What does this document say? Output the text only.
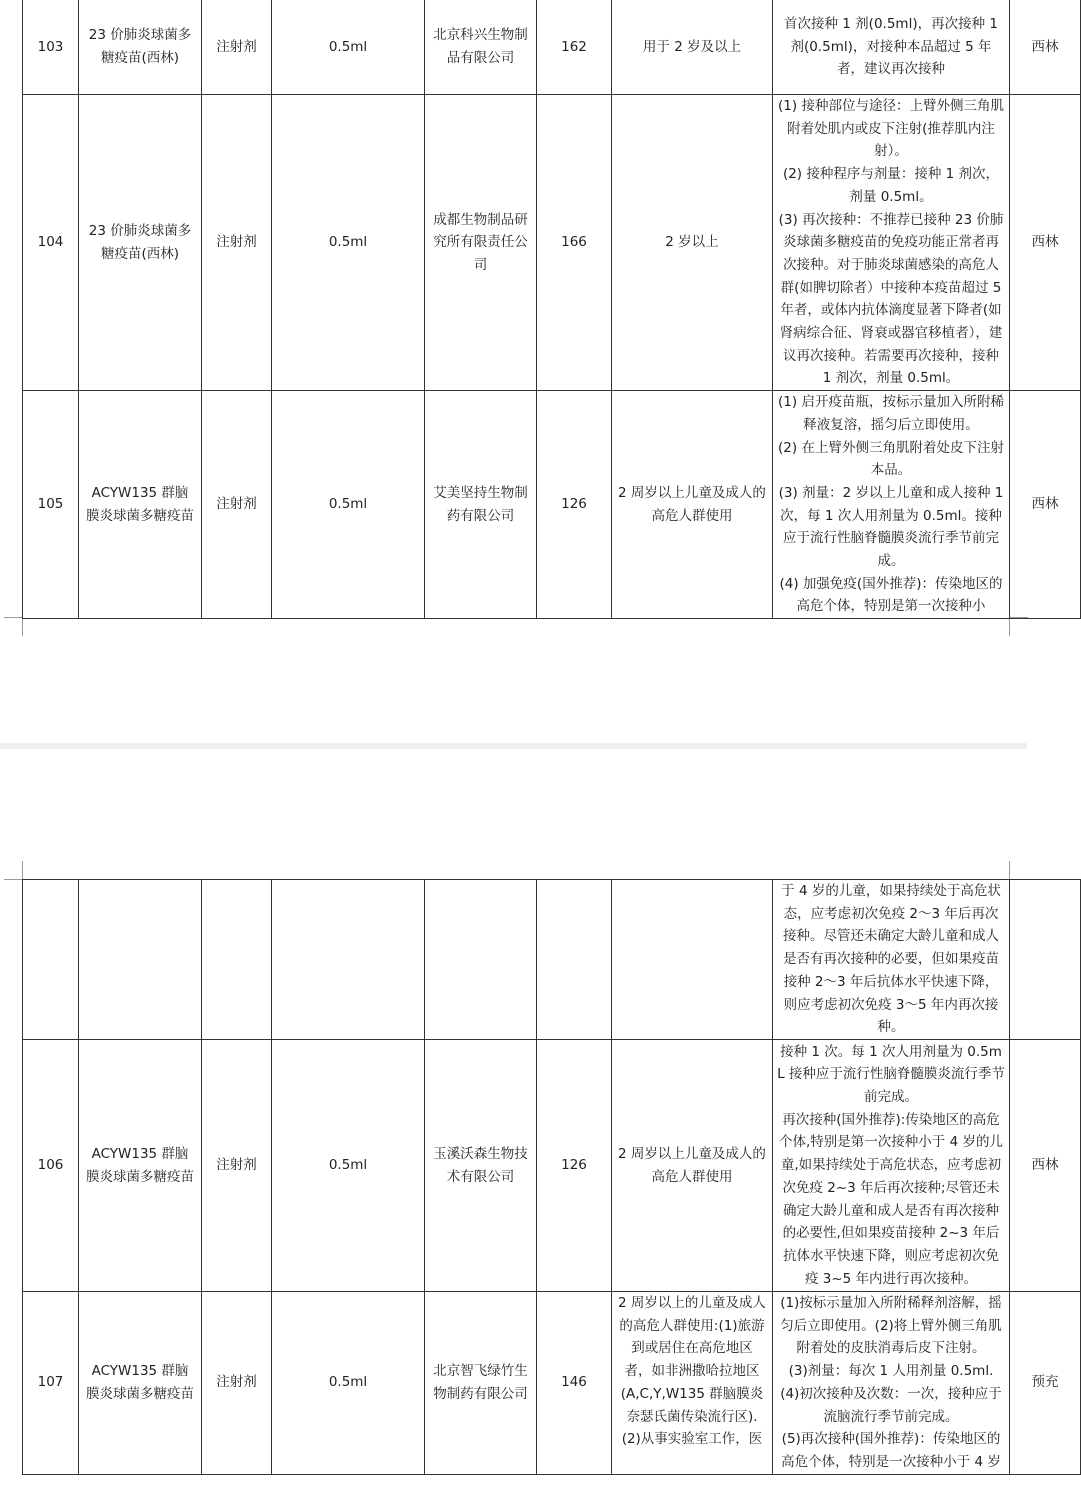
103	23 价肺炎球菌多糖疫苗(西林)	注射剂	0.5ml	北京科兴生物制品有限公司	162	用于 2 岁及以上	首次接种 1 剂(0.5ml)，再次接种 1 剂(0.5ml)，对接种本品超过 5 年者，建议再次接种	西林
104	23 价肺炎球菌多糖疫苗(西林)	注射剂	0.5ml	成都生物制品研究所有限责任公司	166	2 岁以上	(1) 接种部位与途径：上臂外侧三角肌附着处肌内或皮下注射(推荐肌内注射）。
(2) 接种程序与剂量：接种 1 剂次，剂量 0.5ml。
(3) 再次接种：不推荐已接种 23 价肺炎球菌多糖疫苗的免疫功能正常者再次接种。对于肺炎球菌感染的高危人群(如脾切除者）中接种本疫苗超过 5 年者，或体内抗体滴度显著下降者(如肾病综合征、肾衰或器官移植者），建议再次接种。若需要再次接种，接种 1 剂次，剂量 0.5ml。	西林
105	ACYW135 群脑膜炎球菌多糖疫苗	注射剂	0.5ml	艾美坚持生物制药有限公司	126	2 周岁以上儿童及成人的高危人群使用	(1) 启开疫苗瓶，按标示量加入所附稀释液复溶，摇匀后立即使用。
(2) 在上臂外侧三角肌附着处皮下注射本品。
(3) 剂量：2 岁以上儿童和成人接种 1 次，每 1 次人用剂量为 0.5ml。接种应于流行性脑脊髓膜炎流行季节前完成。
(4) 加强免疫(国外推荐)：传染地区的高危个体，特别是第一次接种小	西林

							于 4 岁的儿童，如果持续处于高危状态，应考虑初次免疫 2～3 年后再次接种。尽管还未确定大龄儿童和成人是否有再次接种的必要，但如果疫苗接种 2～3 年后抗体水平快速下降，则应考虑初次免疫 3～5 年内再次接种。	

106	ACYW135 群脑膜炎球菌多糖疫苗	注射剂	0.5ml	玉溪沃森生物技术有限公司	126	2 周岁以上儿童及成人的高危人群使用	接种 1 次。每 1 次人用剂量为 0.5mL 接种应于流行性脑脊髓膜炎流行季节前完成。
再次接种(国外推荐):传染地区的高危个体,特别是第一次接种小于 4 岁的儿童,如果持续处于高危状态，应考虑初次免疫 2~3 年后再次接种;尽管还未确定大龄儿童和成人是否有再次接种的必要性,但如果疫苗接种 2~3 年后抗体水平快速下降，则应考虑初次免疫 3~5 年内进行再次接种。	西林
107	ACYW135 群脑膜炎球菌多糖疫苗	注射剂	0.5ml	北京智飞绿竹生物制药有限公司	146	2 周岁以上的儿童及成人的高危人群使用:(1)旅游到或居住在高危地区者，如非洲撒哈拉地区(A,C,Y,W135 群脑膜炎奈瑟氏菌传染流行区).(2)从事实验室工作，医	(1)按标示量加入所附稀释剂溶解，摇匀后立即使用。(2)将上臂外侧三角肌附着处的皮肤消毒后皮下注射。
(3)剂量：每次 1 人用剂量 0.5ml.
(4)初次接种及次数：一次，接种应于流脑流行季节前完成。
(5)再次接种(国外推荐)：传染地区的高危个体，特别是一次接种小于 4 岁	预充
